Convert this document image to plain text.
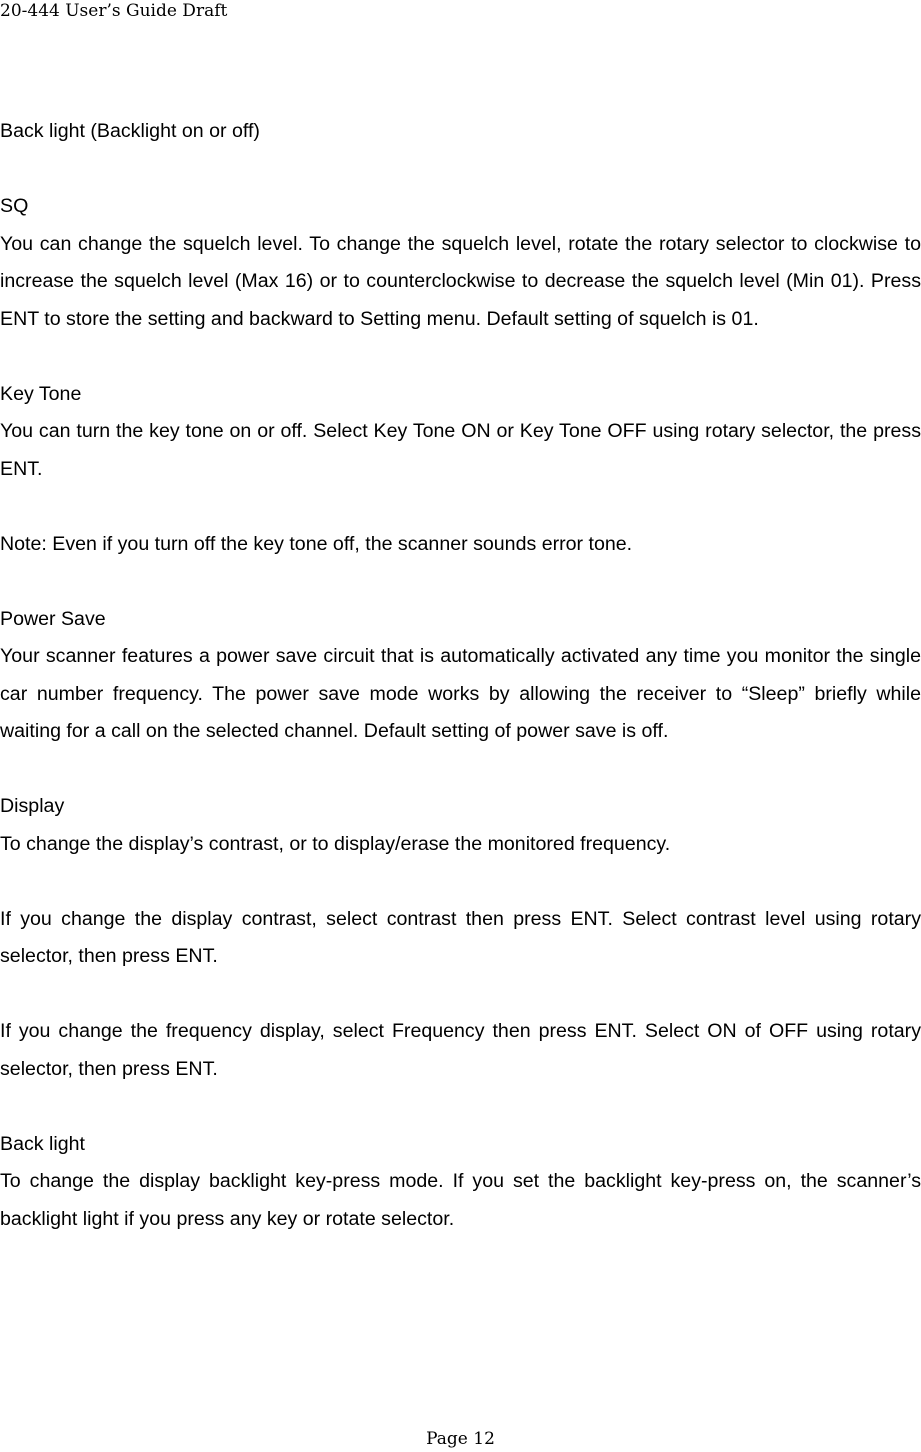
20-444 User’s Guide Draft
Back light (Backlight on or off)
SQ
You can change the squelch level. To change the squelch level, rotate the rotary selector to clockwise to increase the squelch level (Max 16) or to counterclockwise to decrease the squelch level (Min 01). Press ENT to store the setting and backward to Setting menu. Default setting of squelch is 01.
Key Tone
You can turn the key tone on or off. Select Key Tone ON or Key Tone OFF using rotary selector, the press ENT.
Note: Even if you turn off the key tone off, the scanner sounds error tone.
Power Save
Your scanner features a power save circuit that is automatically activated any time you monitor the single car number frequency. The power save mode works by allowing the receiver to “Sleep” briefly while waiting for a call on the selected channel. Default setting of power save is off.
Display
To change the display’s contrast, or to display/erase the monitored frequency.
If you change the display contrast, select contrast then press ENT. Select contrast level using rotary selector, then press ENT.
If you change the frequency display, select Frequency then press ENT. Select ON of OFF using rotary selector, then press ENT.
Back light
To change the display backlight key-press mode. If you set the backlight key-press on, the scanner’s backlight light if you press any key or rotate selector.
Page 12
